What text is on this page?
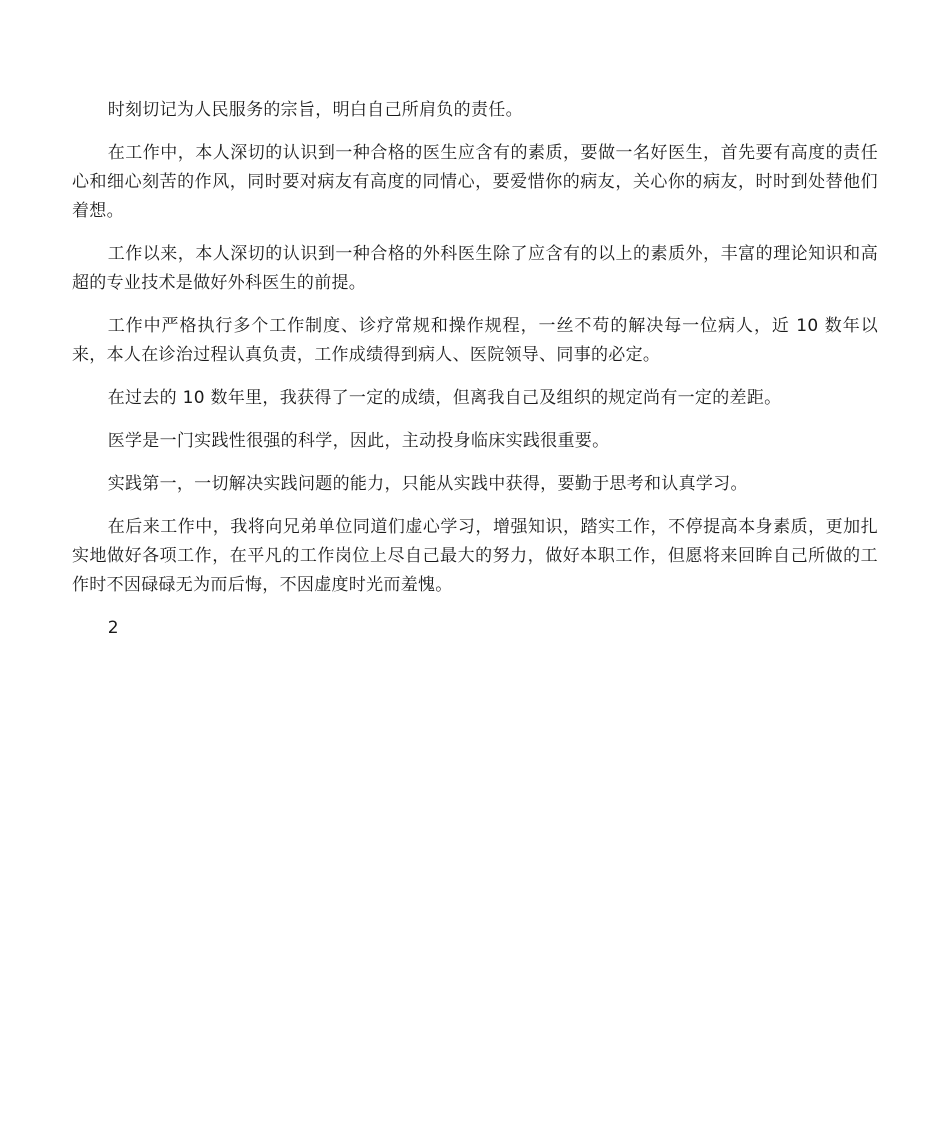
时刻切记为人民服务的宗旨，明白自己所肩负的责任。

在工作中，本人深切的认识到一种合格的医生应含有的素质，要做一名好医生，首先要有高度的责任心和细心刻苦的作风，同时要对病友有高度的同情心，要爱惜你的病友，关心你的病友，时时到处替他们着想。

工作以来，本人深切的认识到一种合格的外科医生除了应含有的以上的素质外，丰富的理论知识和高超的专业技术是做好外科医生的前提。

工作中严格执行多个工作制度、诊疗常规和操作规程，一丝不苟的解决每一位病人，近 10 数年以来，本人在诊治过程认真负责，工作成绩得到病人、医院领导、同事的必定。

在过去的 10 数年里，我获得了一定的成绩，但离我自己及组织的规定尚有一定的差距。

医学是一门实践性很强的科学，因此，主动投身临床实践很重要。

实践第一，一切解决实践问题的能力，只能从实践中获得，要勤于思考和认真学习。

在后来工作中，我将向兄弟单位同道们虚心学习，增强知识，踏实工作，不停提高本身素质，更加扎实地做好各项工作，在平凡的工作岗位上尽自己最大的努力，做好本职工作，但愿将来回眸自己所做的工作时不因碌碌无为而后悔，不因虚度时光而羞愧。

2
